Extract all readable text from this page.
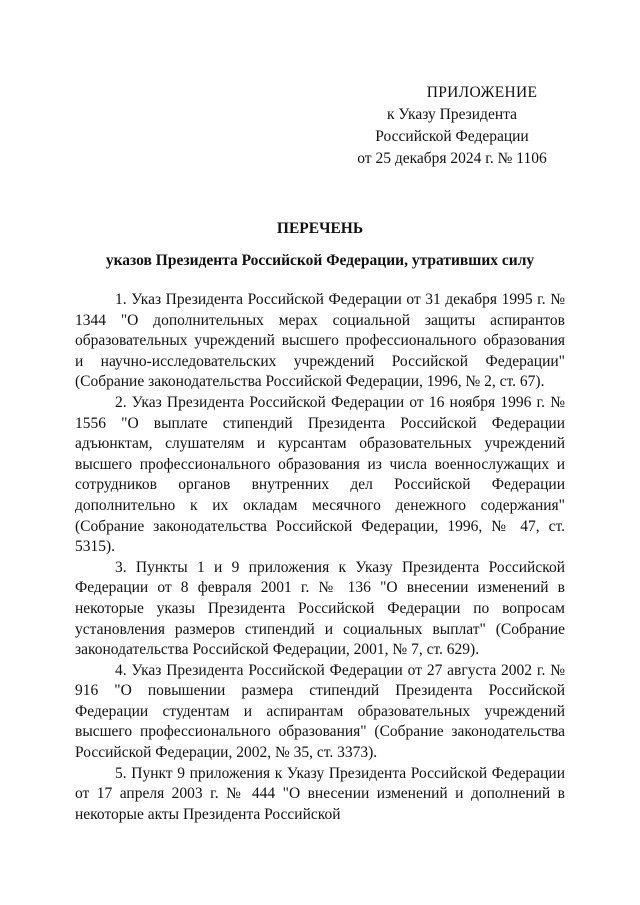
ПРИЛОЖЕНИЕ
к Указу Президента
Российской Федерации
от 25 декабря 2024 г. № 1106
ПЕРЕЧЕНЬ
указов Президента Российской Федерации, утративших силу

1. Указ Президента Российской Федерации от 31 декабря 1995 г. № 1344 "О дополнительных мерах социальной защиты аспирантов образовательных учреждений высшего профессионального образования и научно-исследовательских учреждений Российской Федерации" (Собрание законодательства Российской Федерации, 1996, № 2, ст. 67).

2. Указ Президента Российской Федерации от 16 ноября 1996 г. № 1556 "О выплате стипендий Президента Российской Федерации адъюнктам, слушателям и курсантам образовательных учреждений высшего профессионального образования из числа военнослужащих и сотрудников органов внутренних дел Российской Федерации дополнительно к их окладам месячного денежного содержания" (Собрание законодательства Российской Федерации, 1996, № 47, ст. 5315).

3. Пункты 1 и 9 приложения к Указу Президента Российской Федерации от 8 февраля 2001 г. № 136 "О внесении изменений в некоторые указы Президента Российской Федерации по вопросам установления размеров стипендий и социальных выплат" (Собрание законодательства Российской Федерации, 2001, № 7, ст. 629).

4. Указ Президента Российской Федерации от 27 августа 2002 г. № 916 "О повышении размера стипендий Президента Российской Федерации студентам и аспирантам образовательных учреждений высшего профессионального образования" (Собрание законодательства Российской Федерации, 2002, № 35, ст. 3373).

5. Пункт 9 приложения к Указу Президента Российской Федерации от 17 апреля 2003 г. № 444 "О внесении изменений и дополнений в некоторые акты Президента Российской
